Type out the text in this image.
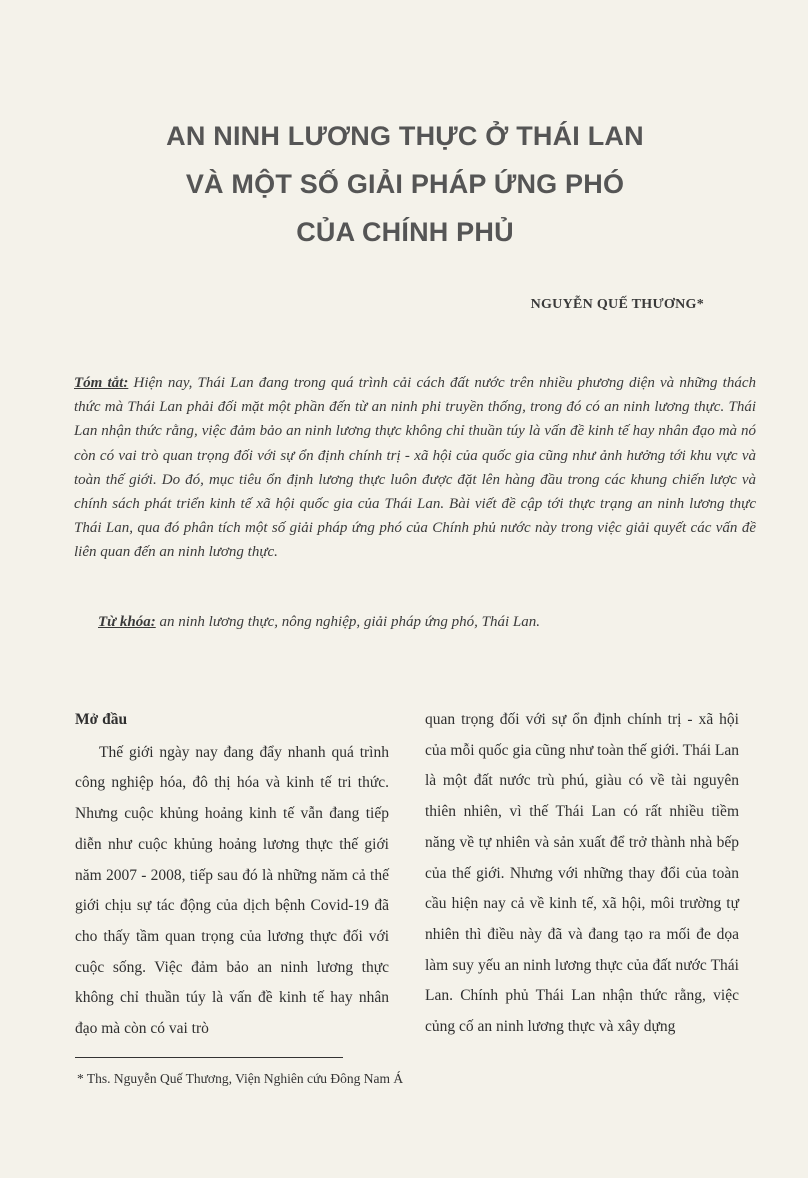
AN NINH LƯƠNG THỰC Ở THÁI LAN
VÀ MỘT SỐ GIẢI PHÁP ỨNG PHÓ
CỦA CHÍNH PHỦ
NGUYỄN QUẾ THƯƠNG*
Tóm tắt: Hiện nay, Thái Lan đang trong quá trình cải cách đất nước trên nhiều phương diện và những thách thức mà Thái Lan phải đối mặt một phần đến từ an ninh phi truyền thống, trong đó có an ninh lương thực. Thái Lan nhận thức rằng, việc đảm bảo an ninh lương thực không chỉ thuần túy là vấn đề kinh tế hay nhân đạo mà nó còn có vai trò quan trọng đối với sự ổn định chính trị - xã hội của quốc gia cũng như ảnh hưởng tới khu vực và toàn thế giới. Do đó, mục tiêu ổn định lương thực luôn được đặt lên hàng đầu trong các khung chiến lược và chính sách phát triển kinh tế xã hội quốc gia của Thái Lan. Bài viết đề cập tới thực trạng an ninh lương thực Thái Lan, qua đó phân tích một số giải pháp ứng phó của Chính phủ nước này trong việc giải quyết các vấn đề liên quan đến an ninh lương thực.
Từ khóa: an ninh lương thực, nông nghiệp, giải pháp ứng phó, Thái Lan.
Mở đầu

Thế giới ngày nay đang đẩy nhanh quá trình công nghiệp hóa, đô thị hóa và kinh tế tri thức. Nhưng cuộc khủng hoảng kinh tế vẫn đang tiếp diễn như cuộc khủng hoảng lương thực thế giới năm 2007 - 2008, tiếp sau đó là những năm cả thế giới chịu sự tác động của dịch bệnh Covid-19 đã cho thấy tầm quan trọng của lương thực đối với cuộc sống. Việc đảm bảo an ninh lương thực không chỉ thuần túy là vấn đề kinh tế hay nhân đạo mà còn có vai trò

quan trọng đối với sự ổn định chính trị - xã hội của mỗi quốc gia cũng như toàn thế giới. Thái Lan là một đất nước trù phú, giàu có về tài nguyên thiên nhiên, vì thế Thái Lan có rất nhiều tiềm năng về tự nhiên và sản xuất để trở thành nhà bếp của thế giới. Nhưng với những thay đổi của toàn cầu hiện nay cả về kinh tế, xã hội, môi trường tự nhiên thì điều này đã và đang tạo ra mối đe dọa làm suy yếu an ninh lương thực của đất nước Thái Lan. Chính phủ Thái Lan nhận thức rằng, việc củng cố an ninh lương thực và xây dựng

* Ths. Nguyễn Quế Thương, Viện Nghiên cứu Đông Nam Á
